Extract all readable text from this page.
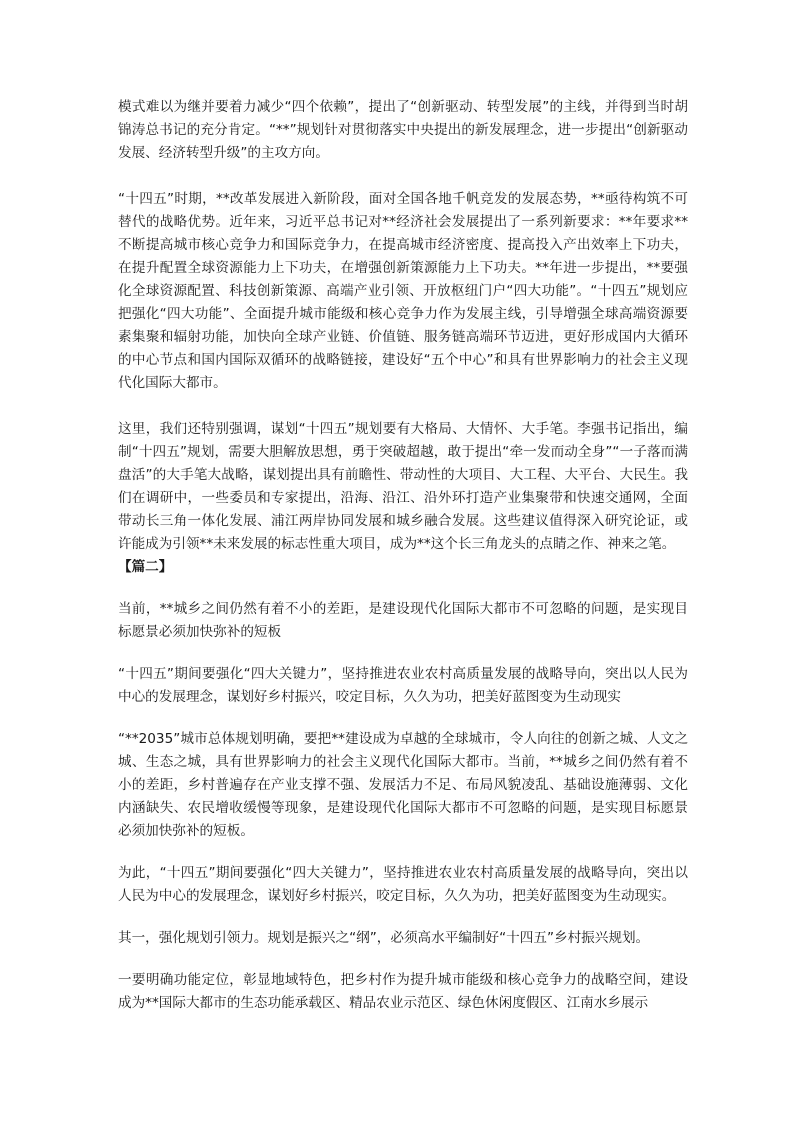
模式难以为继并要着力减少“四个依赖”，提出了“创新驱动、转型发展”的主线，并得到当时胡锦涛总书记的充分肯定。“**”规划针对贯彻落实中央提出的新发展理念，进一步提出“创新驱动发展、经济转型升级”的主攻方向。

“十四五”时期，**改革发展进入新阶段，面对全国各地千帆竞发的发展态势，**亟待构筑不可替代的战略优势。近年来，习近平总书记对**经济社会发展提出了一系列新要求：**年要求**不断提高城市核心竞争力和国际竞争力，在提高城市经济密度、提高投入产出效率上下功夫，在提升配置全球资源能力上下功夫，在增强创新策源能力上下功夫。**年进一步提出，**要强化全球资源配置、科技创新策源、高端产业引领、开放枢纽门户“四大功能”。“十四五”规划应把强化“四大功能”、全面提升城市能级和核心竞争力作为发展主线，引导增强全球高端资源要素集聚和辐射功能，加快向全球产业链、价值链、服务链高端环节迈进，更好形成国内大循环的中心节点和国内国际双循环的战略链接，建设好“五个中心”和具有世界影响力的社会主义现代化国际大都市。

这里，我们还特别强调，谋划“十四五”规划要有大格局、大情怀、大手笔。李强书记指出，编制“十四五”规划，需要大胆解放思想，勇于突破超越，敢于提出“牵一发而动全身”“一子落而满盘活”的大手笔大战略，谋划提出具有前瞻性、带动性的大项目、大工程、大平台、大民生。我们在调研中，一些委员和专家提出，沿海、沿江、沿外环打造产业集聚带和快速交通网，全面带动长三角一体化发展、浦江两岸协同发展和城乡融合发展。这些建议值得深入研究论证，或许能成为引领**未来发展的标志性重大项目，成为**这个长三角龙头的点睛之作、神来之笔。

【篇二】

当前，**城乡之间仍然有着不小的差距，是建设现代化国际大都市不可忽略的问题，是实现目标愿景必须加快弥补的短板

“十四五”期间要强化“四大关键力”，坚持推进农业农村高质量发展的战略导向，突出以人民为中心的发展理念，谋划好乡村振兴，咬定目标，久久为功，把美好蓝图变为生动现实

“**2035”城市总体规划明确，要把**建设成为卓越的全球城市，令人向往的创新之城、人文之城、生态之城，具有世界影响力的社会主义现代化国际大都市。当前，**城乡之间仍然有着不小的差距，乡村普遍存在产业支撑不强、发展活力不足、布局风貌凌乱、基础设施薄弱、文化内涵缺失、农民增收缓慢等现象，是建设现代化国际大都市不可忽略的问题，是实现目标愿景必须加快弥补的短板。

为此，“十四五”期间要强化“四大关键力”，坚持推进农业农村高质量发展的战略导向，突出以人民为中心的发展理念，谋划好乡村振兴，咬定目标，久久为功，把美好蓝图变为生动现实。

其一，强化规划引领力。规划是振兴之“纲”，必须高水平编制好“十四五”乡村振兴规划。

一要明确功能定位，彰显地域特色，把乡村作为提升城市能级和核心竞争力的战略空间，建设成为**国际大都市的生态功能承载区、精品农业示范区、绿色休闲度假区、江南水乡展示
